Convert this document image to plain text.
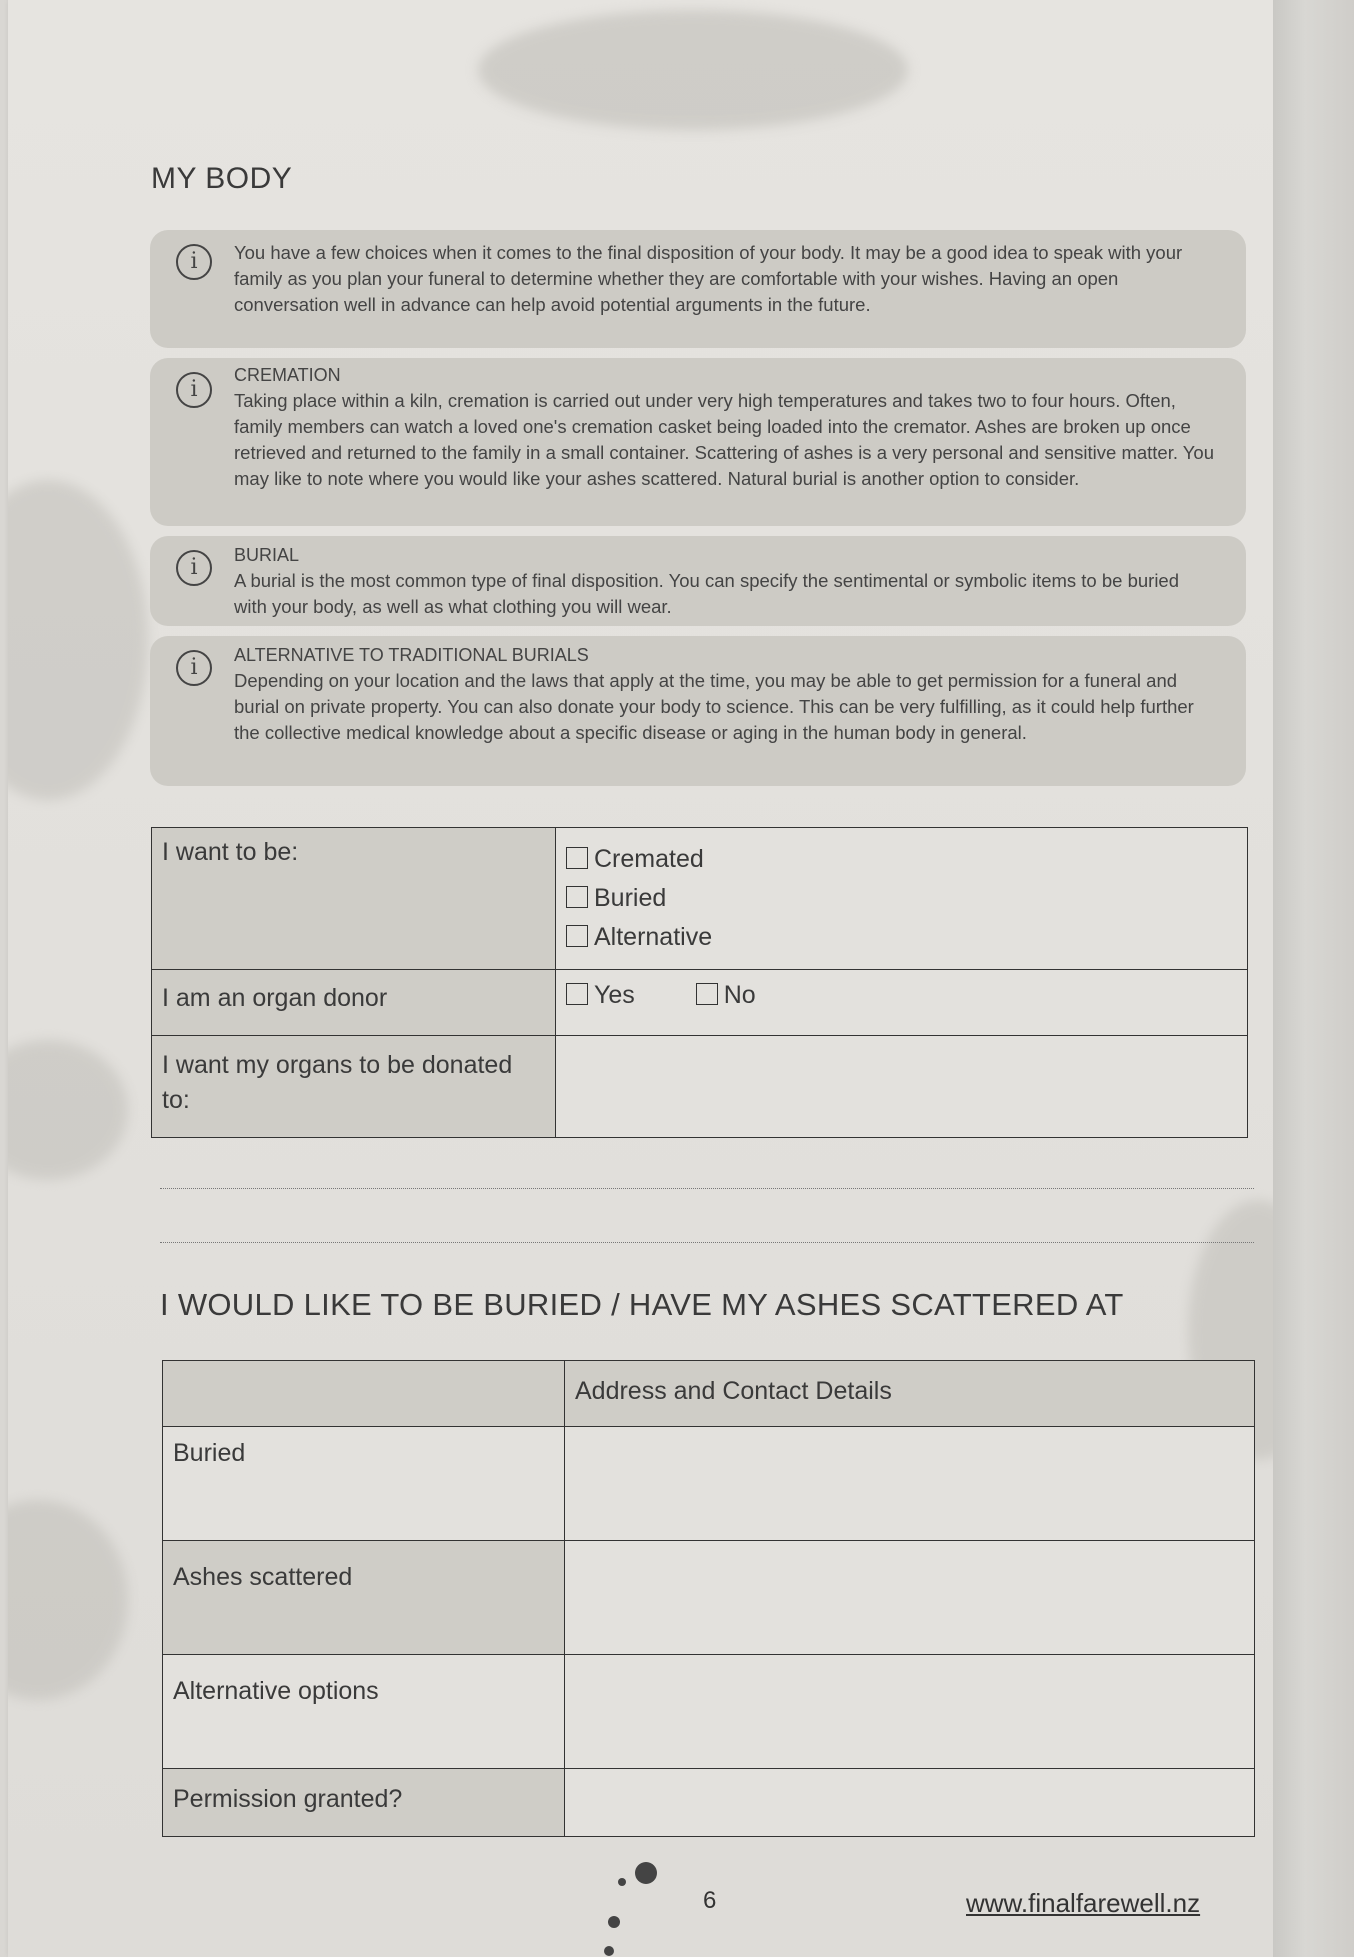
MY BODY
i	You have a few choices when it comes to the final disposition of your body. It may be a good idea to speak with your family as you plan your funeral to determine whether they are comfortable with your wishes. Having an open conversation well in advance can help avoid potential arguments in the future.
i
CREMATION
Taking place within a kiln, cremation is carried out under very high temperatures and takes two to four hours. Often, family members can watch a loved one's cremation casket being loaded into the cremator. Ashes are broken up once retrieved and returned to the family in a small container. Scattering of ashes is a very personal and sensitive matter. You may like to note where you would like your ashes scattered. Natural burial is another option to consider.
i	BURIAL
A burial is the most common type of final disposition. You can specify the sentimental or symbolic items to be buried with your body, as well as what clothing you will wear.
i	ALTERNATIVE TO TRADITIONAL BURIALS
Depending on your location and the laws that apply at the time, you may be able to get permission for a funeral and burial on private property. You can also donate your body to science. This can be very fulfilling, as it could help further the collective medical knowledge about a specific disease or aging in the human body in general.
I want to be:	Cremated
Buried
Alternative

I am an organ donor	Yes No
I want my organs to be donated to:	
I WOULD LIKE TO BE BURIED / HAVE MY ASHES SCATTERED AT
	Address and Contact Details
Buried	
Ashes scattered	
Alternative options	
Permission granted?	
6	www.finalfarewell.nz
